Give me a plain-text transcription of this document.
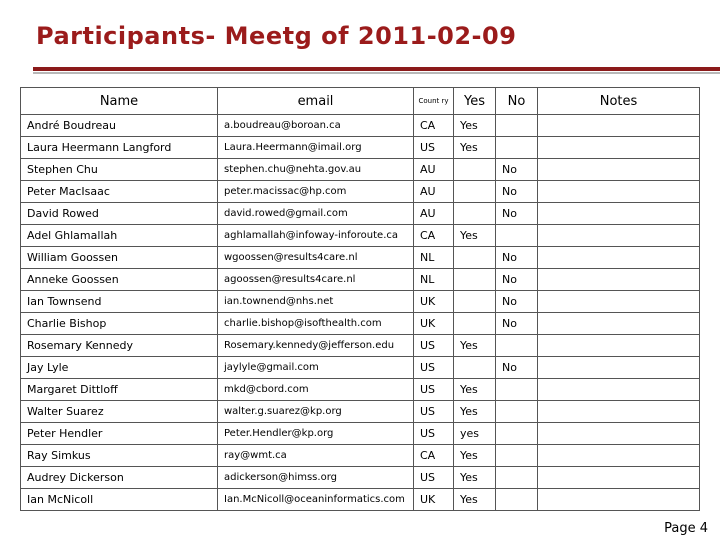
Participants- Meetg of 2011-02-09
Name	email	Count ry	Yes	No	Notes
André Boudreau	a.boudreau@boroan.ca	CA	Yes		
Laura Heermann Langford	Laura.Heermann@imail.org	US	Yes		
Stephen Chu	stephen.chu@nehta.gov.au	AU		No	
Peter MacIsaac	peter.macissac@hp.com	AU		No	
David Rowed	david.rowed@gmail.com	AU		No	
Adel Ghlamallah	aghlamallah@infoway-inforoute.ca	CA	Yes		
William Goossen	wgoossen@results4care.nl	NL		No	
Anneke Goossen	agoossen@results4care.nl	NL		No	
Ian Townsend	ian.townend@nhs.net	UK		No	
Charlie Bishop	charlie.bishop@isofthealth.com	UK		No	
Rosemary Kennedy	Rosemary.kennedy@jefferson.edu	US	Yes		
Jay Lyle	jaylyle@gmail.com	US		No	
Margaret Dittloff	mkd@cbord.com	US	Yes		
Walter Suarez	walter.g.suarez@kp.org	US	Yes		
Peter Hendler	Peter.Hendler@kp.org	US	yes		
Ray Simkus	ray@wmt.ca	CA	Yes		
Audrey Dickerson	adickerson@himss.org	US	Yes		
Ian McNicoll	Ian.McNicoll@oceaninformatics.com	UK	Yes		
Page 4
